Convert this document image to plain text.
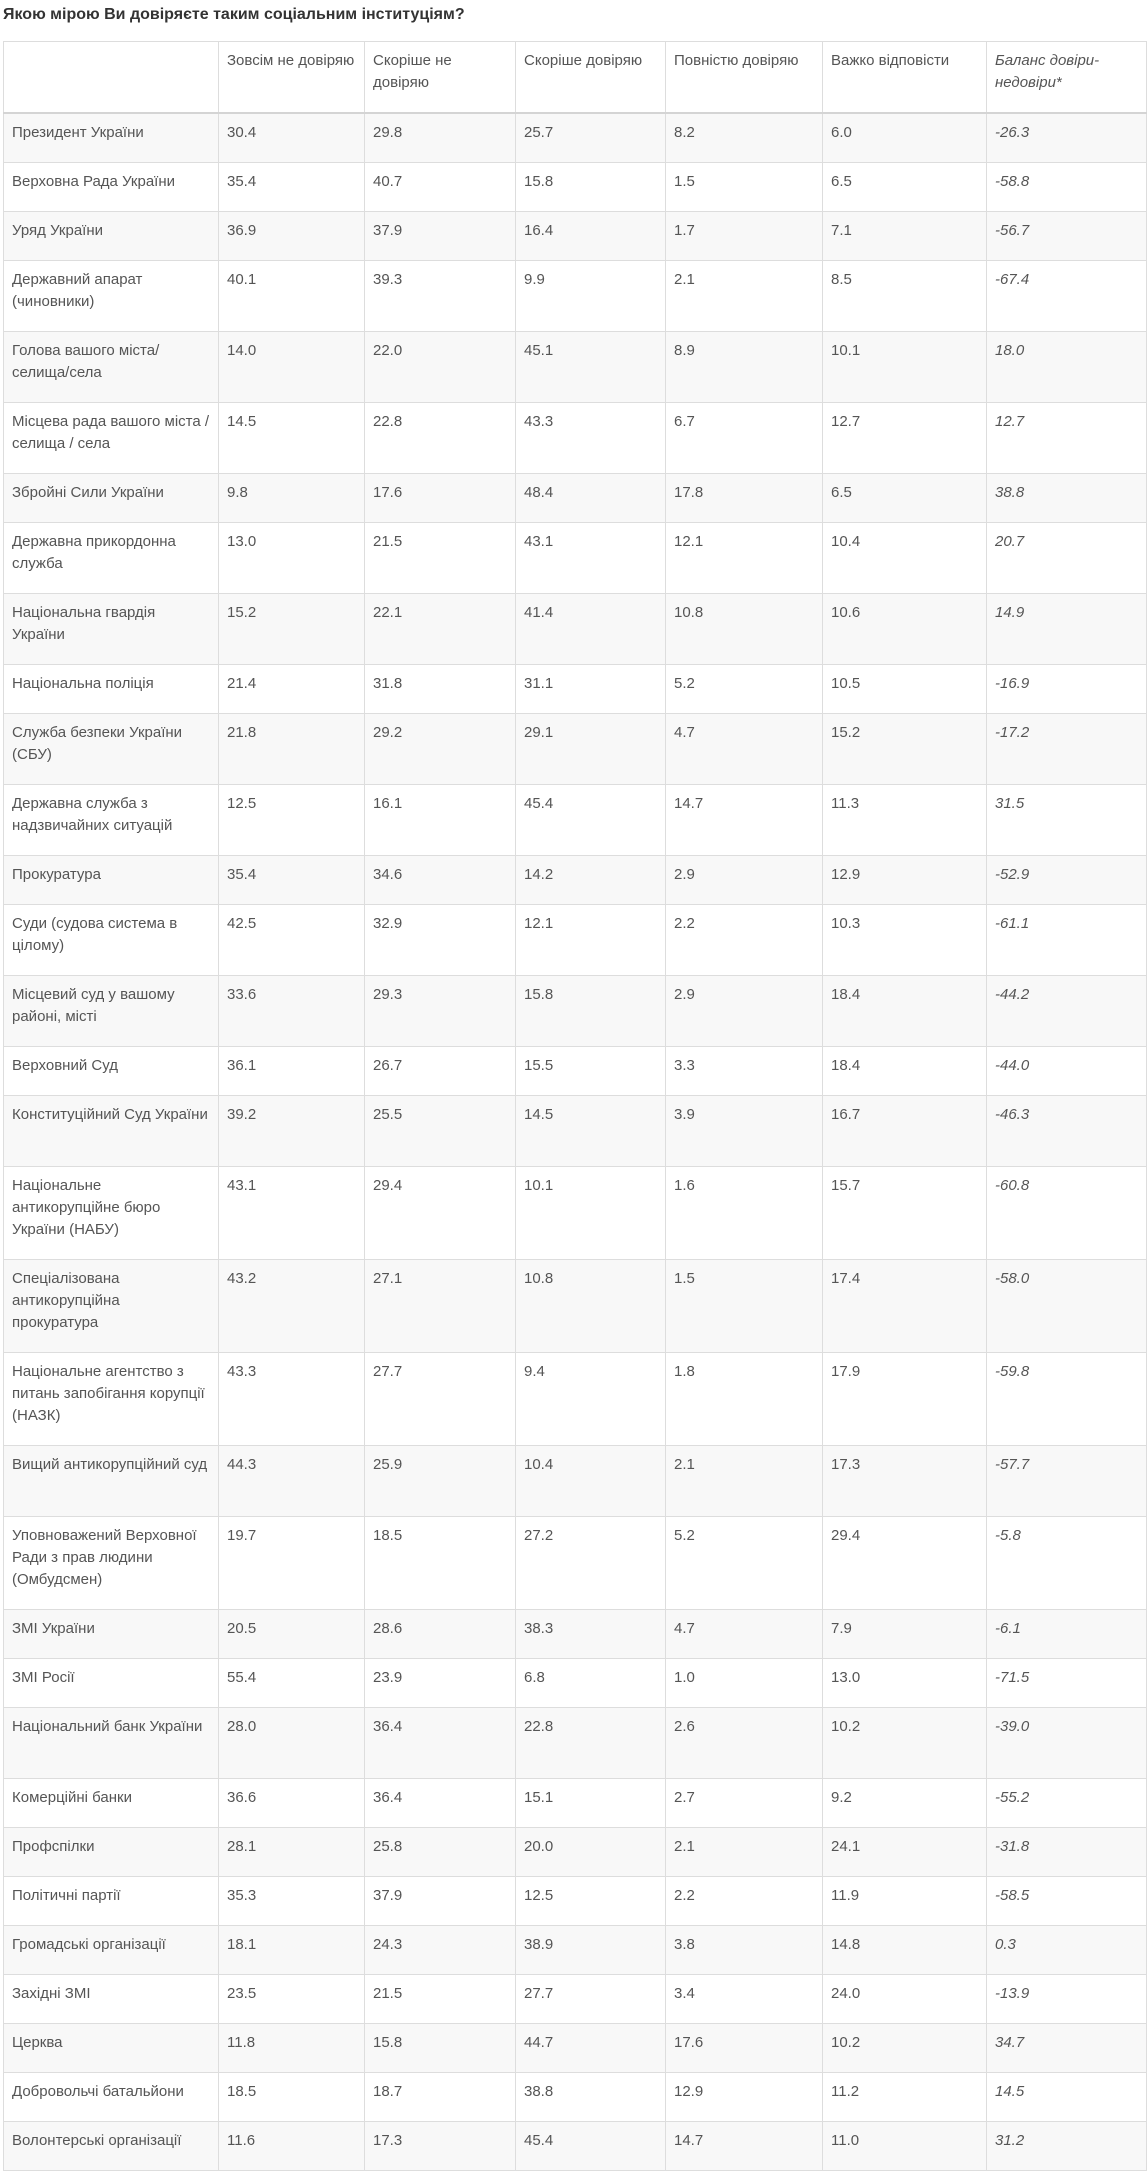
Якою мірою Ви довіряєте таким соціальним інституціям?
	Зовсім не довіряю	Скоріше не довіряю	Скоріше довіряю	Повністю довіряю	Важко відповісти	Баланс довіри-недовіри*
Президент України	30.4	29.8	25.7	8.2	6.0	-26.3
Верховна Рада України	35.4	40.7	15.8	1.5	6.5	-58.8
Уряд України	36.9	37.9	16.4	1.7	7.1	-56.7
Державний апарат (чиновники)	40.1	39.3	9.9	2.1	8.5	-67.4
Голова вашого міста/селища/села	14.0	22.0	45.1	8.9	10.1	18.0
Місцева рада вашого міста / селища / села	14.5	22.8	43.3	6.7	12.7	12.7
Збройні Сили України	9.8	17.6	48.4	17.8	6.5	38.8
Державна прикордонна служба	13.0	21.5	43.1	12.1	10.4	20.7
Національна гвардія України	15.2	22.1	41.4	10.8	10.6	14.9
Національна поліція	21.4	31.8	31.1	5.2	10.5	-16.9
Служба безпеки України (СБУ)	21.8	29.2	29.1	4.7	15.2	-17.2
Державна служба з надзвичайних ситуацій	12.5	16.1	45.4	14.7	11.3	31.5
Прокуратура	35.4	34.6	14.2	2.9	12.9	-52.9
Суди (судова система в цілому)	42.5	32.9	12.1	2.2	10.3	-61.1
Місцевий суд у вашому районі, місті	33.6	29.3	15.8	2.9	18.4	-44.2
Верховний Суд	36.1	26.7	15.5	3.3	18.4	-44.0
Конституційний Суд України	39.2	25.5	14.5	3.9	16.7	-46.3
Національне антикорупційне бюро України (НАБУ)	43.1	29.4	10.1	1.6	15.7	-60.8
Спеціалізована антикорупційна прокуратура	43.2	27.1	10.8	1.5	17.4	-58.0
Національне агентство з питань запобігання корупції (НАЗК)	43.3	27.7	9.4	1.8	17.9	-59.8
Вищий антикорупційний суд	44.3	25.9	10.4	2.1	17.3	-57.7
Уповноважений Верховної Ради з прав людини (Омбудсмен)	19.7	18.5	27.2	5.2	29.4	-5.8
ЗМІ України	20.5	28.6	38.3	4.7	7.9	-6.1
ЗМІ Росії	55.4	23.9	6.8	1.0	13.0	-71.5
Національний банк України	28.0	36.4	22.8	2.6	10.2	-39.0
Комерційні банки	36.6	36.4	15.1	2.7	9.2	-55.2
Профспілки	28.1	25.8	20.0	2.1	24.1	-31.8
Політичні партії	35.3	37.9	12.5	2.2	11.9	-58.5
Громадські організації	18.1	24.3	38.9	3.8	14.8	0.3
Західні ЗМІ	23.5	21.5	27.7	3.4	24.0	-13.9
Церква	11.8	15.8	44.7	17.6	10.2	34.7
Добровольчі батальйони	18.5	18.7	38.8	12.9	11.2	14.5
Волонтерські організації	11.6	17.3	45.4	14.7	11.0	31.2
